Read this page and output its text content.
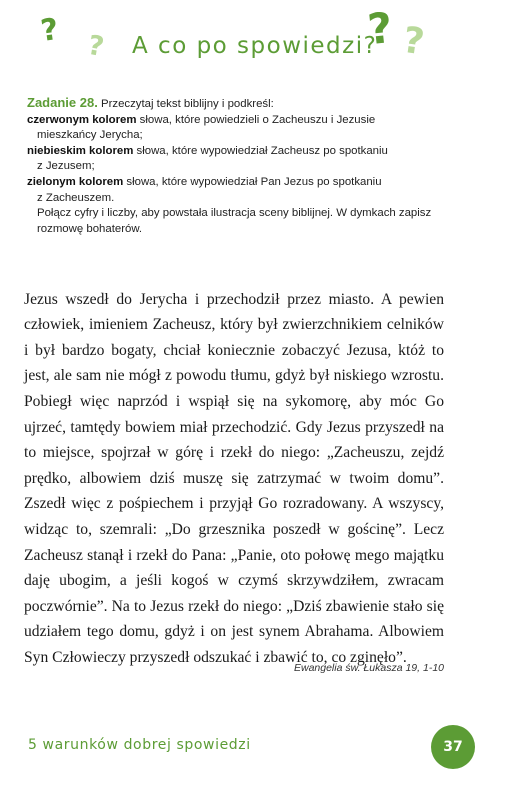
? ?	? ?
A co po spowiedzi?

Zadanie 28. Przeczytaj tekst biblijny i podkreśl:

czerwonym kolorem słowa, które powiedzieli o Zacheuszu i Jezusie

mieszkańcy Jerycha;

niebieskim kolorem słowa, które wypowiedział Zacheusz po spotkaniu

z Jezusem;

zielonym kolorem słowa, które wypowiedział Pan Jezus po spotkaniu

z Zacheuszem.

Połącz cyfry i liczby, aby powstała ilustracja sceny biblijnej. W dymkach zapisz rozmowę bohaterów.

Jezus wszedł do Jerycha i przechodził przez miasto. A pewien człowiek, imieniem Zacheusz, który był zwierzchnikiem celników i był bardzo bogaty, chciał koniecznie zobaczyć Jezusa, któż to jest, ale sam nie mógł z powodu tłumu, gdyż był niskiego wzrostu. Pobiegł więc naprzód i wspiął się na sykomorę, aby móc Go ujrzeć, tamtędy bowiem miał przechodzić. Gdy Jezus przyszedł na to miejsce, spojrzał w górę i rzekł do niego: „Zacheuszu, zejdź prędko, albowiem dziś muszę się zatrzymać w twoim domu”. Zszedł więc z pośpiechem i przyjął Go rozradowany. A wszyscy, widząc to, szemrali: „Do grzesznika poszedł w gościnę”. Lecz Zacheusz stanął i rzekł do Pana: „Panie, oto połowę mego majątku daję ubogim, a jeśli kogoś w czymś skrzywdziłem, zwracam poczwórnie”. Na to Jezus rzekł do niego: „Dziś zbawienie stało się udziałem tego domu, gdyż i on jest synem Abrahama. Albowiem Syn Człowieczy przyszedł odszukać i zbawić to, co zginęło”.

Ewangelia św. Łukasza 19, 1-10
5 warunków dobrej spowiedzi	37
